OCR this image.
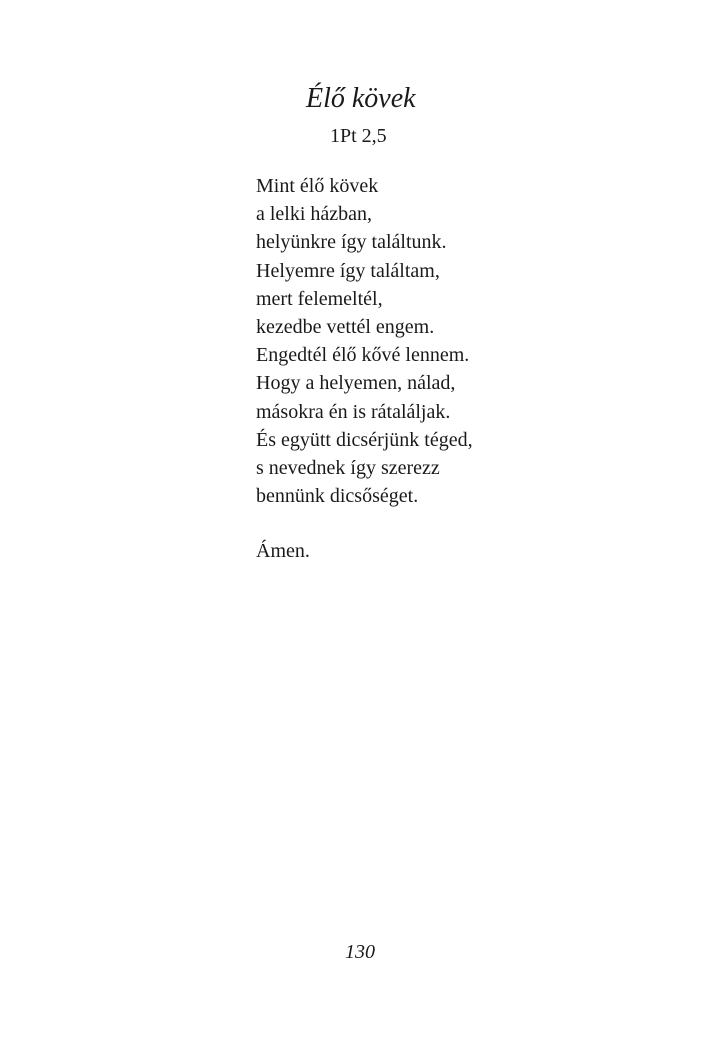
Élő kövek
1Pt 2,5
Mint élő kövek
a lelki házban,
helyünkre így találtunk.
Helyemre így találtam,
mert felemeltél,
kezedbe vettél engem.
Engedtél élő kővé lennem.
Hogy a helyemen, nálad,
másokra én is rátaláljak.
És együtt dicsérjünk téged,
s nevednek így szerezz
bennünk dicsőséget.
Ámen.
130
